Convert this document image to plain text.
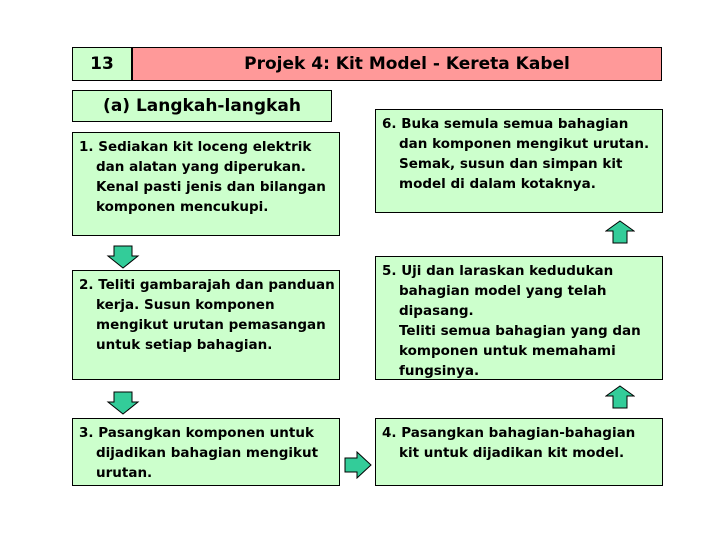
13	Projek 4: Kit Model - Kereta Kabel
(a) Langkah-langkah

1. Sediakan kit loceng elektrik dan alatan yang diperukan. Kenal pasti jenis dan bilangan komponen mencukupi.

2. Teliti gambarajah dan panduan kerja. Susun komponen mengikut urutan pemasangan untuk setiap bahagian.

3. Pasangkan komponen untuk dijadikan bahagian mengikut urutan.

4. Pasangkan bahagian-bahagian kit untuk dijadikan kit model.

5. Uji dan laraskan kedudukan bahagian model yang telah dipasang.

Teliti semua bahagian yang dan komponen untuk memahami fungsinya.

6. Buka semula semua bahagian dan komponen mengikut urutan. Semak, susun dan simpan kit model di dalam kotaknya.
